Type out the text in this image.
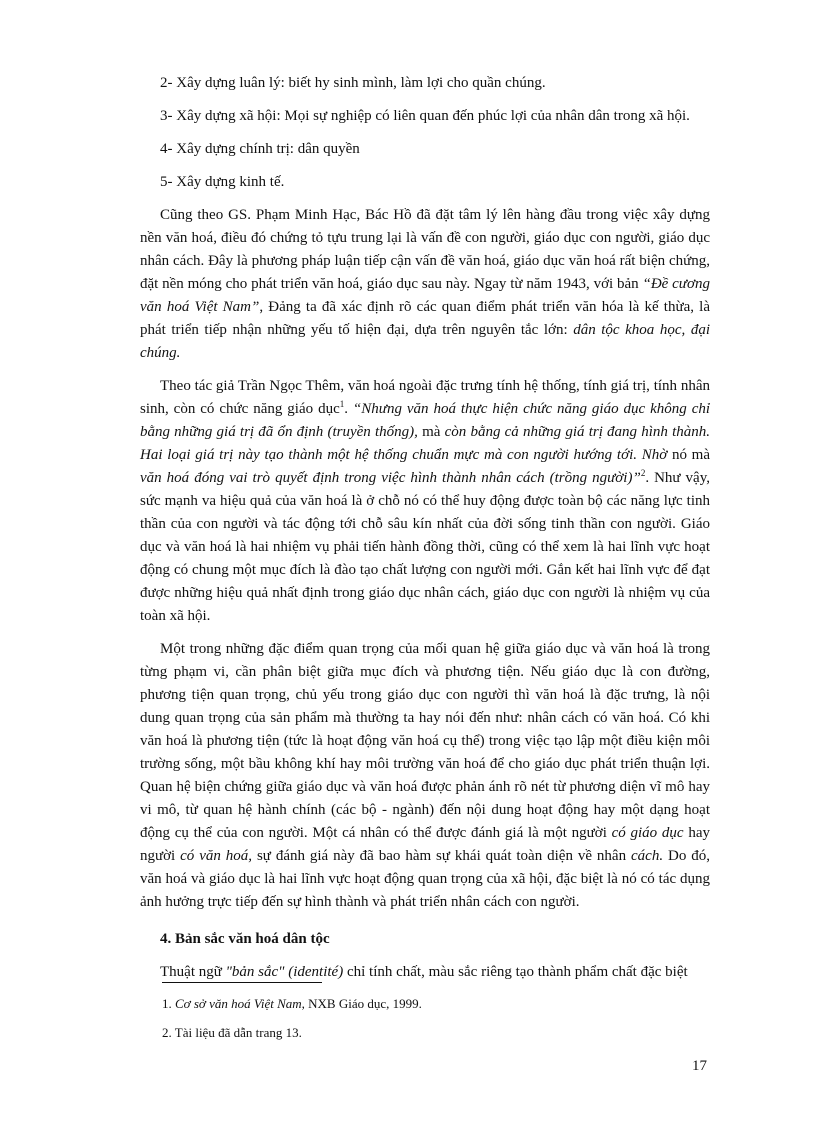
2- Xây dựng luân lý: biết hy sinh mình, làm lợi cho quần chúng.
3- Xây dựng xã hội: Mọi sự nghiệp có liên quan đến phúc lợi của nhân dân trong xã hội.
4- Xây dựng chính trị: dân quyền
5- Xây dựng kinh tế.

Cũng theo GS. Phạm Minh Hạc, Bác Hồ đã đặt tâm lý lên hàng đầu trong việc xây dựng nền văn hoá, điều đó chứng tỏ tựu trung lại là vấn đề con người, giáo dục con người, giáo dục nhân cách. Đây là phương pháp luận tiếp cận vấn đề văn hoá, giáo dục văn hoá rất biện chứng, đặt nền móng cho phát triển văn hoá, giáo dục sau này. Ngay từ năm 1943, với bản “Đề cương văn hoá Việt Nam”, Đảng ta đã xác định rõ các quan điểm phát triển văn hóa là kế thừa, là phát triển tiếp nhận những yếu tố hiện đại, dựa trên nguyên tắc lớn: dân tộc khoa học, đại chúng.

Theo tác giả Trần Ngọc Thêm, văn hoá ngoài đặc trưng tính hệ thống, tính giá trị, tính nhân sinh, còn có chức năng giáo dục$^1$. “Nhưng văn hoá thực hiện chức năng giáo dục không chỉ bằng những giá trị đã ổn định (truyền thống), mà còn bằng cả những giá trị đang hình thành. Hai loại giá trị này tạo thành một hệ thống chuẩn mực mà con người hướng tới. Nhờ nó mà văn hoá đóng vai trò quyết định trong việc hình thành nhân cách (trồng người)”$^2$. Như vậy, sức mạnh va hiệu quả của văn hoá là ở chỗ nó có thể huy động được toàn bộ các năng lực tinh thần của con người và tác động tới chỗ sâu kín nhất của đời sống tinh thần con người. Giáo dục và văn hoá là hai nhiệm vụ phải tiến hành đồng thời, cũng có thể xem là hai lĩnh vực hoạt động có chung một mục đích là đào tạo chất lượng con người mới. Gắn kết hai lĩnh vực để đạt được những hiệu quả nhất định trong giáo dục nhân cách, giáo dục con người là nhiệm vụ của toàn xã hội.

Một trong những đặc điểm quan trọng của mối quan hệ giữa giáo dục và văn hoá là trong từng phạm vi, cần phân biệt giữa mục đích và phương tiện. Nếu giáo dục là con đường, phương tiện quan trọng, chủ yếu trong giáo dục con người thì văn hoá là đặc trưng, là nội dung quan trọng của sản phẩm mà thường ta hay nói đến như: nhân cách có văn hoá. Có khi văn hoá là phương tiện (tức là hoạt động văn hoá cụ thể) trong việc tạo lập một điều kiện môi trường sống, một bầu không khí hay môi trường văn hoá để cho giáo dục phát triển thuận lợi. Quan hệ biện chứng giữa giáo dục và văn hoá được phản ánh rõ nét từ phương diện vĩ mô hay vi mô, từ quan hệ hành chính (các bộ - ngành) đến nội dung hoạt động hay một dạng hoạt động cụ thể của con người. Một cá nhân có thể được đánh giá là một người có giáo dục hay người có văn hoá, sự đánh giá này đã bao hàm sự khái quát toàn diện về nhân cách. Do đó, văn hoá và giáo dục là hai lĩnh vực hoạt động quan trọng của xã hội, đặc biệt là nó có tác dụng ảnh hưởng trực tiếp đến sự hình thành và phát triển nhân cách con người.

4. Bản sắc văn hoá dân tộc

Thuật ngữ "bản sắc" (identité) chỉ tính chất, màu sắc riêng tạo thành phẩm chất đặc biệt

1. Cơ sở văn hoá Việt Nam, NXB Giáo dục, 1999.
2. Tài liệu đã dẫn trang 13.
17
